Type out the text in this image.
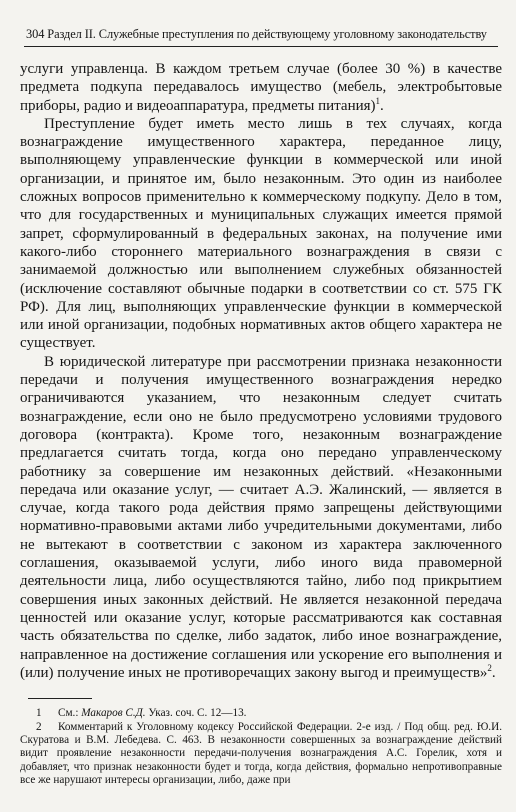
304 Раздел II. Служебные преступления по действующему уголовному законодательству

услуги управленца. В каждом третьем случае (более 30 %) в качестве предмета подкупа передавалось имущество (мебель, электробытовые приборы, радио и видеоаппаратура, предметы питания)$^1$.

Преступление будет иметь место лишь в тех случаях, когда вознаграждение имущественного характера, переданное лицу, выполняющему управленческие функции в коммерческой или иной организации, и принятое им, было незаконным. Это один из наиболее сложных вопросов применительно к коммерческому подкупу. Дело в том, что для государственных и муниципальных служащих имеется прямой запрет, сформулированный в федеральных законах, на получение ими какого-либо стороннего материального вознаграждения в связи с занимаемой должностью или выполнением служебных обязанностей (исключение составляют обычные подарки в соответствии со ст. 575 ГК РФ). Для лиц, выполняющих управленческие функции в коммерческой или иной организации, подобных нормативных актов общего характера не существует.

В юридической литературе при рассмотрении признака незаконности передачи и получения имущественного вознаграждения нередко ограничиваются указанием, что незаконным следует считать вознаграждение, если оно не было предусмотрено условиями трудового договора (контракта). Кроме того, незаконным вознаграждение предлагается считать тогда, когда оно передано управленческому работнику за совершение им незаконных действий. «Незаконными передача или оказание услуг, — считает А.Э. Жалинский, — является в случае, когда такого рода действия прямо запрещены действующими нормативно-правовыми актами либо учредительными документами, либо не вытекают в соответствии с законом из характера заключенного соглашения, оказываемой услуги, либо иного вида правомерной деятельности лица, либо осуществляются тайно, либо под прикрытием совершения иных законных действий. Не является незаконной передача ценностей или оказание услуг, которые рассматриваются как составная часть обязательства по сделке, либо задаток, либо иное вознаграждение, направленное на достижение соглашения или ускорение его выполнения и (или) получение иных не противоречащих закону выгод и преимуществ»$^2$.

1 См.: Макаров С.Д. Указ. соч. С. 12—13.

2 Комментарий к Уголовному кодексу Российской Федерации. 2-е изд. / Под общ. ред. Ю.И. Скуратова и В.М. Лебедева. С. 463. В незаконности совершенных за вознаграждение действий видит проявление незаконности передачи-получения вознаграждения А.С. Горелик, хотя и добавляет, что признак незаконности будет и тогда, когда действия, формально непротивоправные все же нарушают интересы организации, либо, даже при
